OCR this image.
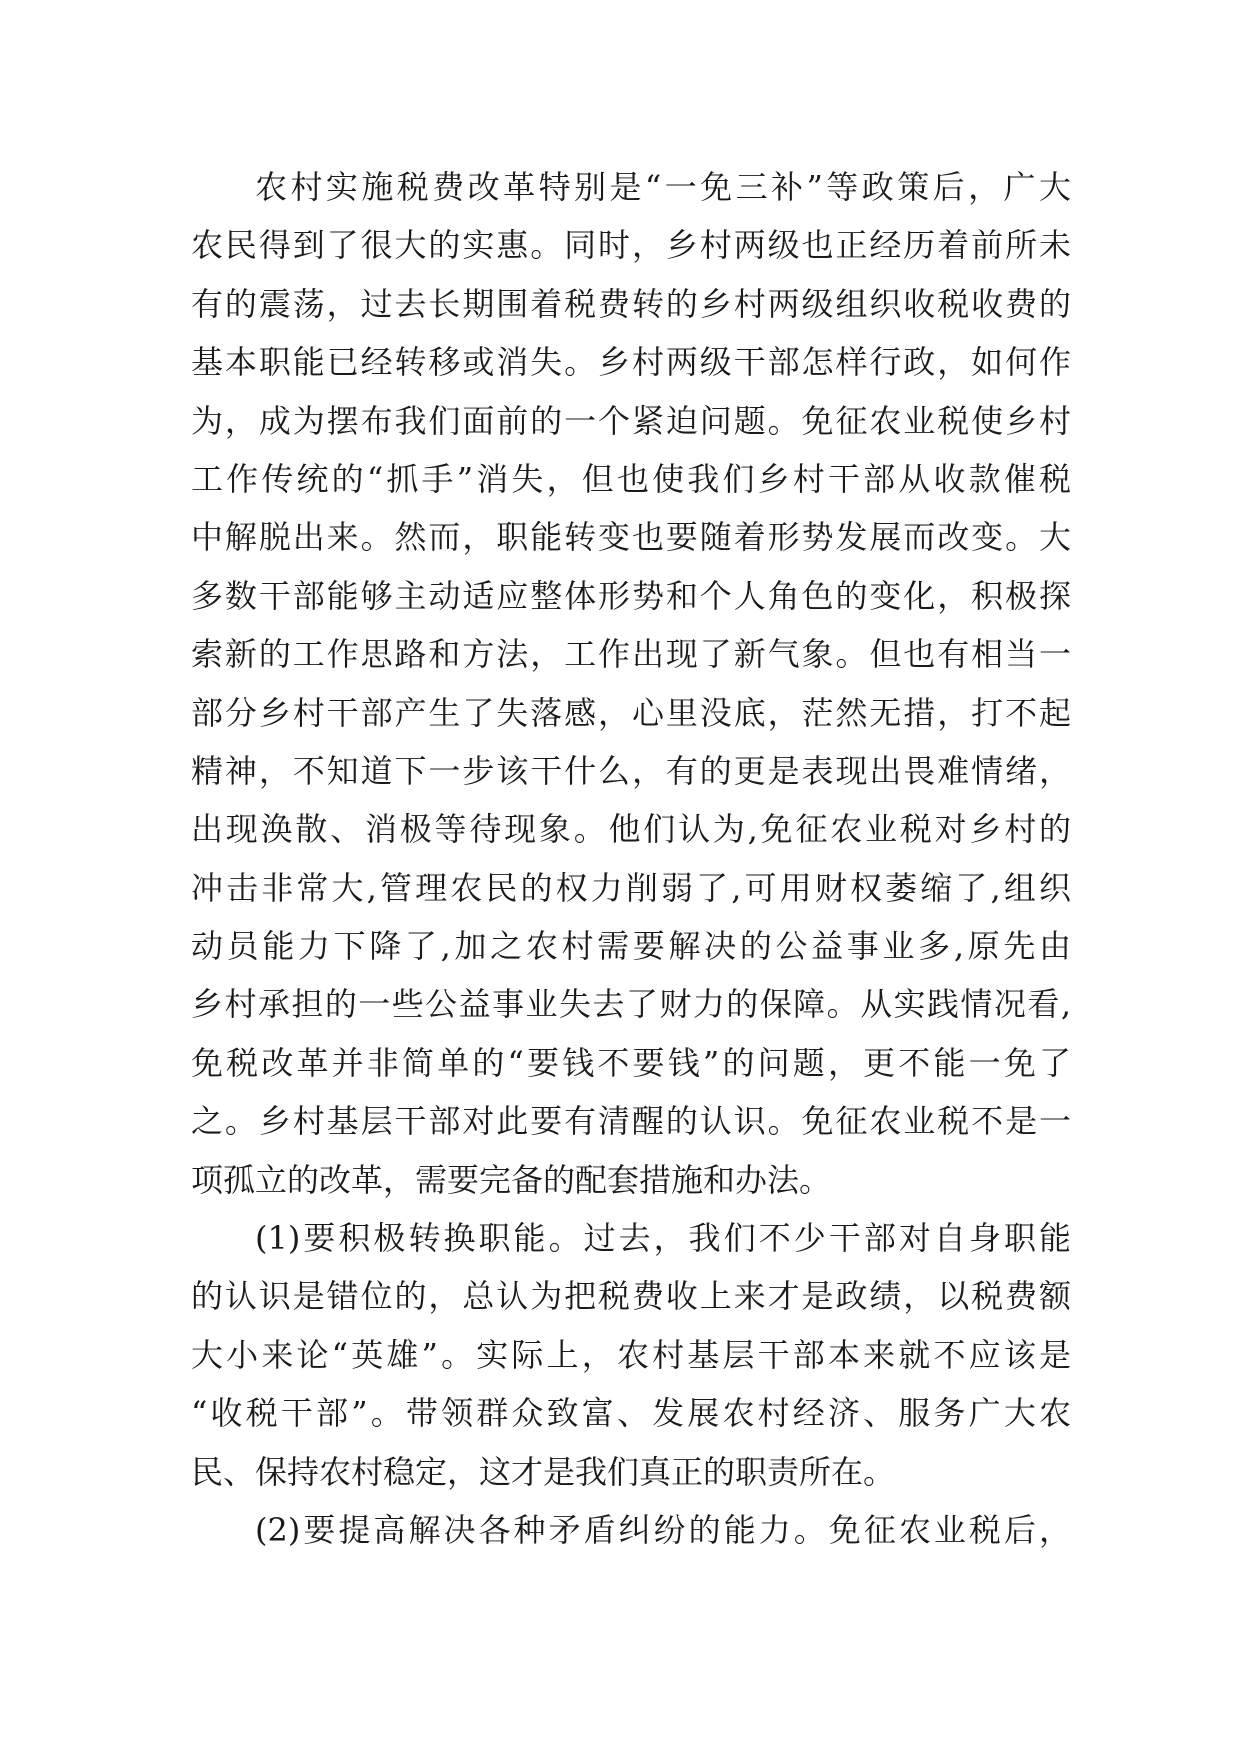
农村实施税费改革特别是“一免三补”等政策后，广大
农民得到了很大的实惠。同时，乡村两级也正经历着前所未
有的震荡，过去长期围着税费转的乡村两级组织收税收费的
基本职能已经转移或消失。乡村两级干部怎样行政，如何作
为，成为摆布我们面前的一个紧迫问题。免征农业税使乡村
工作传统的“抓手”消失，但也使我们乡村干部从收款催税
中解脱出来。然而，职能转变也要随着形势发展而改变。大
多数干部能够主动适应整体形势和个人角色的变化，积极探
索新的工作思路和方法，工作出现了新气象。但也有相当一
部分乡村干部产生了失落感，心里没底，茫然无措，打不起
精神，不知道下一步该干什么，有的更是表现出畏难情绪，
出现涣散、消极等待现象。他们认为,免征农业税对乡村的
冲击非常大,管理农民的权力削弱了,可用财权萎缩了,组织
动员能力下降了,加之农村需要解决的公益事业多,原先由
乡村承担的一些公益事业失去了财力的保障。从实践情况看,
免税改革并非简单的“要钱不要钱”的问题，更不能一免了
之。乡村基层干部对此要有清醒的认识。免征农业税不是一
项孤立的改革，需要完备的配套措施和办法。
(1)要积极转换职能。过去，我们不少干部对自身职能
的认识是错位的，总认为把税费收上来才是政绩，以税费额
大小来论“英雄”。实际上，农村基层干部本来就不应该是
“收税干部”。带领群众致富、发展农村经济、服务广大农
民、保持农村稳定，这才是我们真正的职责所在。
(2)要提高解决各种矛盾纠纷的能力。免征农业税后，
